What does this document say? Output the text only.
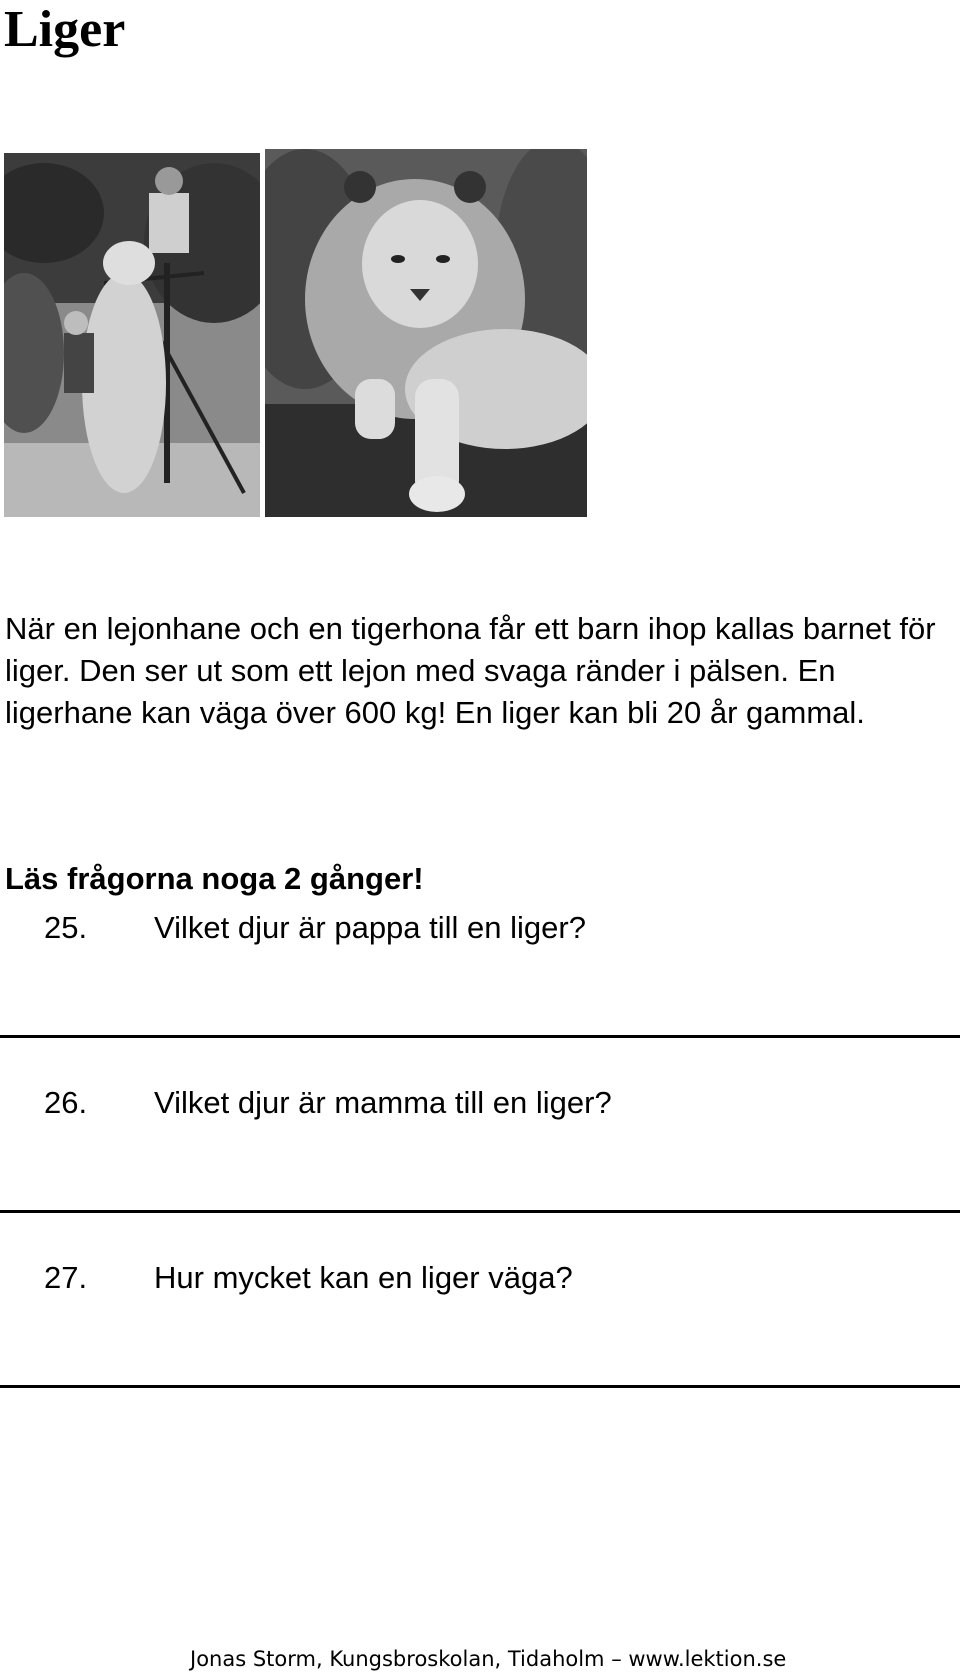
Liger

När en lejonhane och en tigerhona får ett barn ihop kallas barnet för liger. Den ser ut som ett lejon med svaga ränder i pälsen. En ligerhane kan väga över 600 kg! En liger kan bli 20 år gammal.

Läs frågorna noga 2 gånger!

25. Vilket djur är pappa till en liger?
26. Vilket djur är mamma till en liger?
27. Hur mycket kan en liger väga?
Jonas Storm, Kungsbroskolan, Tidaholm – www.lektion.se
